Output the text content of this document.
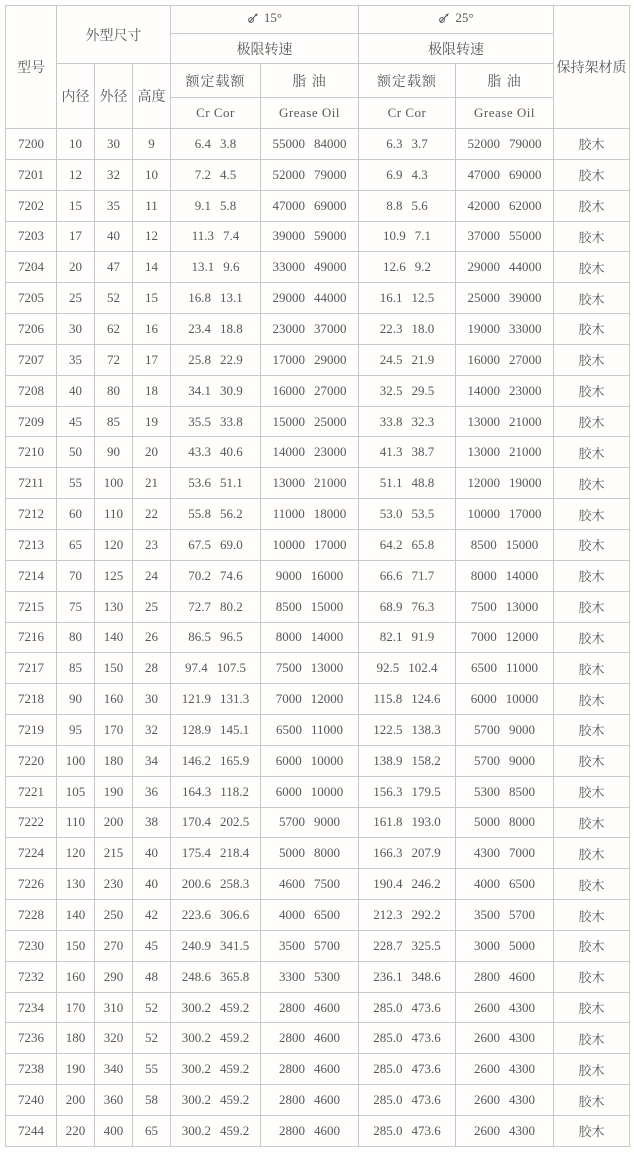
型号	外型尺寸			15°		25°		保持架材质
				极限转速		极限转速		
	内径	外径	高度	额定载额	脂 油	额定载额	脂 油	
				Cr Cor	Grease Oil	Cr Cor	Grease Oil	
7200	10	30	9	6.4 3.8	55000 84000	6.3 3.7	52000 79000	胶木
7201	12	32	10	7.2 4.5	52000 79000	6.9 4.3	47000 69000	胶木
7202	15	35	11	9.1 5.8	47000 69000	8.8 5.6	42000 62000	胶木
7203	17	40	12	11.3 7.4	39000 59000	10.9 7.1	37000 55000	胶木
7204	20	47	14	13.1 9.6	33000 49000	12.6 9.2	29000 44000	胶木
7205	25	52	15	16.8 13.1	29000 44000	16.1 12.5	25000 39000	胶木
7206	30	62	16	23.4 18.8	23000 37000	22.3 18.0	19000 33000	胶木
7207	35	72	17	25.8 22.9	17000 29000	24.5 21.9	16000 27000	胶木
7208	40	80	18	34.1 30.9	16000 27000	32.5 29.5	14000 23000	胶木
7209	45	85	19	35.5 33.8	15000 25000	33.8 32.3	13000 21000	胶木
7210	50	90	20	43.3 40.6	14000 23000	41.3 38.7	13000 21000	胶木
7211	55	100	21	53.6 51.1	13000 21000	51.1 48.8	12000 19000	胶木
7212	60	110	22	55.8 56.2	11000 18000	53.0 53.5	10000 17000	胶木
7213	65	120	23	67.5 69.0	10000 17000	64.2 65.8	8500 15000	胶木
7214	70	125	24	70.2 74.6	9000 16000	66.6 71.7	8000 14000	胶木
7215	75	130	25	72.7 80.2	8500 15000	68.9 76.3	7500 13000	胶木
7216	80	140	26	86.5 96.5	8000 14000	82.1 91.9	7000 12000	胶木
7217	85	150	28	97.4 107.5	7500 13000	92.5 102.4	6500 11000	胶木
7218	90	160	30	121.9 131.3	7000 12000	115.8 124.6	6000 10000	胶木
7219	95	170	32	128.9 145.1	6500 11000	122.5 138.3	5700 9000	胶木
7220	100	180	34	146.2 165.9	6000 10000	138.9 158.2	5700 9000	胶木
7221	105	190	36	164.3 118.2	6000 10000	156.3 179.5	5300 8500	胶木
7222	110	200	38	170.4 202.5	5700 9000	161.8 193.0	5000 8000	胶木
7224	120	215	40	175.4 218.4	5000 8000	166.3 207.9	4300 7000	胶木
7226	130	230	40	200.6 258.3	4600 7500	190.4 246.2	4000 6500	胶木
7228	140	250	42	223.6 306.6	4000 6500	212.3 292.2	3500 5700	胶木
7230	150	270	45	240.9 341.5	3500 5700	228.7 325.5	3000 5000	胶木
7232	160	290	48	248.6 365.8	3300 5300	236.1 348.6	2800 4600	胶木
7234	170	310	52	300.2 459.2	2800 4600	285.0 473.6	2600 4300	胶木
7236	180	320	52	300.2 459.2	2800 4600	285.0 473.6	2600 4300	胶木
7238	190	340	55	300.2 459.2	2800 4600	285.0 473.6	2600 4300	胶木
7240	200	360	58	300.2 459.2	2800 4600	285.0 473.6	2600 4300	胶木
7244	220	400	65	300.2 459.2	2800 4600	285.0 473.6	2600 4300	胶木
